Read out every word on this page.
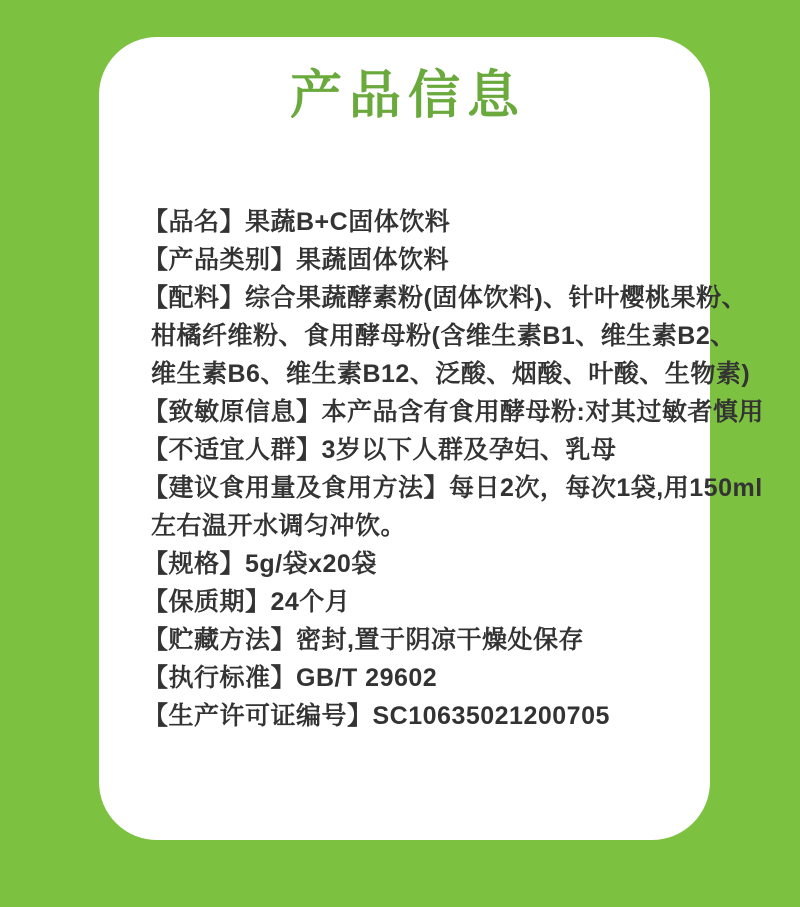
产品信息
【品名】果蔬B+C固体饮料
【产品类别】果蔬固体饮料
【配料】综合果蔬酵素粉(固体饮料)、针叶樱桃果粉、
柑橘纤维粉、食用酵母粉(含维生素B1、维生素B2、
维生素B6、维生素B12、泛酸、烟酸、叶酸、生物素)
【致敏原信息】本产品含有食用酵母粉:对其过敏者慎用
【不适宜人群】3岁以下人群及孕妇、乳母
【建议食用量及食用方法】每日2次，每次1袋,用150ml
左右温开水调匀冲饮。
【规格】5g/袋x20袋
【保质期】24个月
【贮藏方法】密封,置于阴凉干燥处保存
【执行标准】GB/T 29602
【生产许可证编号】SC10635021200705
